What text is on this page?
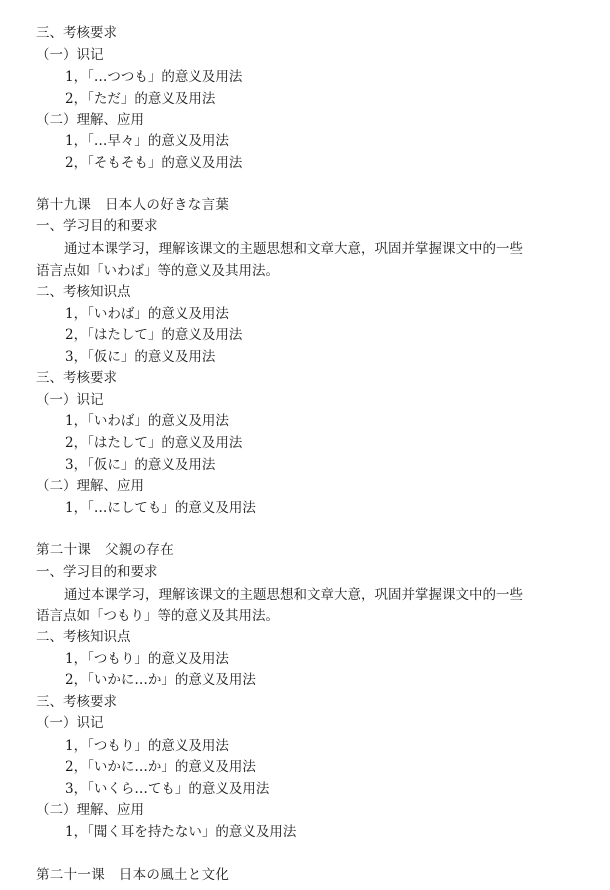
三、考核要求
（一）识记
1，「…つつも」的意义及用法
2，「ただ」的意义及用法
（二）理解、应用
1，「…早々」的意义及用法
2，「そもそも」的意义及用法
第十九课　日本人の好きな言葉
一、学习目的和要求
通过本课学习，理解该课文的主题思想和文章大意，巩固并掌握课文中的一些
语言点如「いわば」等的意义及其用法。
二、考核知识点
1，「いわば」的意义及用法
2，「はたして」的意义及用法
3，「仮に」的意义及用法
三、考核要求
（一）识记
1，「いわば」的意义及用法
2，「はたして」的意义及用法
3，「仮に」的意义及用法
（二）理解、应用
1，「…にしても」的意义及用法
第二十课　父親の存在
一、学习目的和要求
通过本课学习，理解该课文的主题思想和文章大意，巩固并掌握课文中的一些
语言点如「つもり」等的意义及其用法。
二、考核知识点
1，「つもり」的意义及用法
2，「いかに…か」的意义及用法
三、考核要求
（一）识记
1，「つもり」的意义及用法
2，「いかに…か」的意义及用法
3，「いくら…ても」的意义及用法
（二）理解、应用
1，「聞く耳を持たない」的意义及用法
第二十一课　日本の風土と文化
